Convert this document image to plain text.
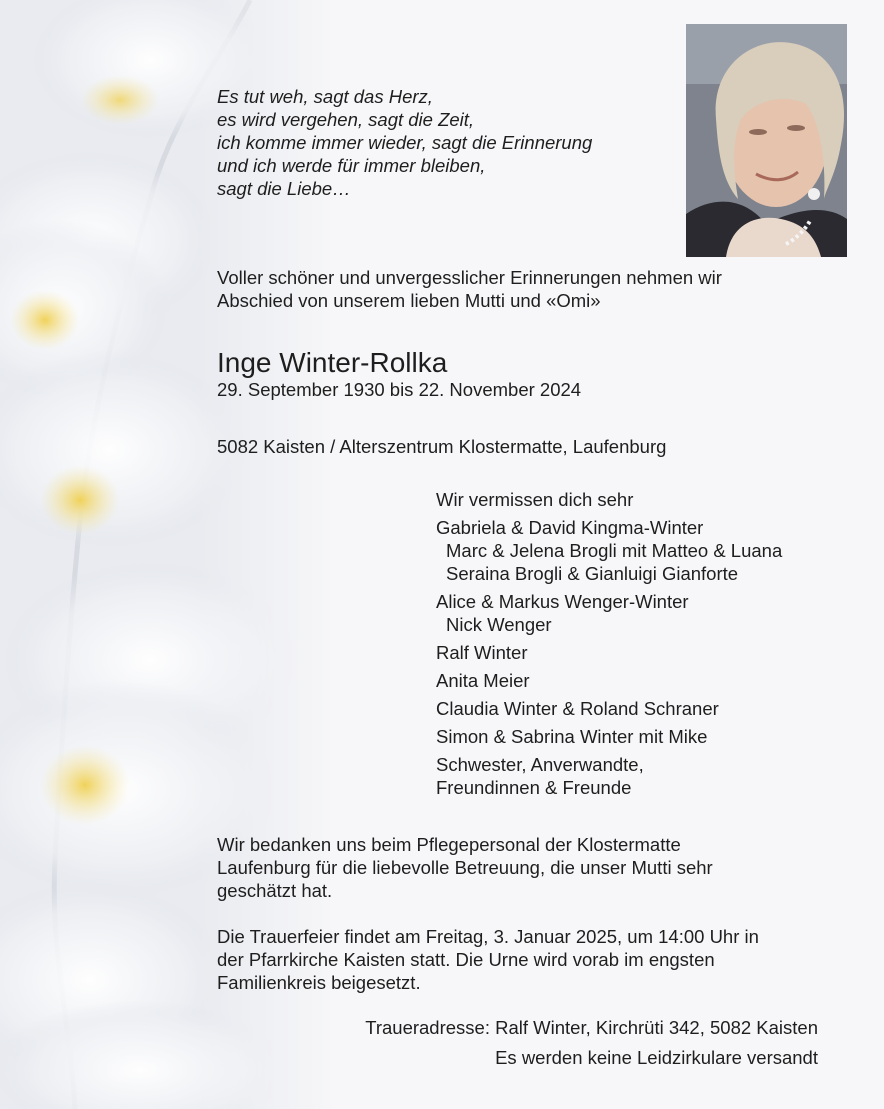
Es tut weh, sagt das Herz,
es wird vergehen, sagt die Zeit,
ich komme immer wieder, sagt die Erinnerung
und ich werde für immer bleiben,
sagt die Liebe…
Voller schöner und unvergesslicher Erinnerungen nehmen wir
Abschied von unserem lieben Mutti und «Omi»
Inge Winter-Rollka
29. September 1930 bis 22. November 2024
5082 Kaisten / Alterszentrum Klostermatte, Laufenburg
Wir vermissen dich sehr
Gabriela & David Kingma-Winter
Marc & Jelena Brogli mit Matteo & Luana
Seraina Brogli & Gianluigi Gianforte
Alice & Markus Wenger-Winter
Nick Wenger
Ralf Winter
Anita Meier
Claudia Winter & Roland Schraner
Simon & Sabrina Winter mit Mike
Schwester, Anverwandte,
Freundinnen & Freunde
Wir bedanken uns beim Pflegepersonal der Klostermatte
Laufenburg für die liebevolle Betreuung, die unser Mutti sehr
geschätzt hat.
Die Trauerfeier findet am Freitag, 3. Januar 2025, um 14:00 Uhr in
der Pfarrkirche Kaisten statt. Die Urne wird vorab im engsten
Familienkreis beigesetzt.
Traueradresse: Ralf Winter, Kirchrüti 342, 5082 Kaisten
Es werden keine Leidzirkulare versandt
